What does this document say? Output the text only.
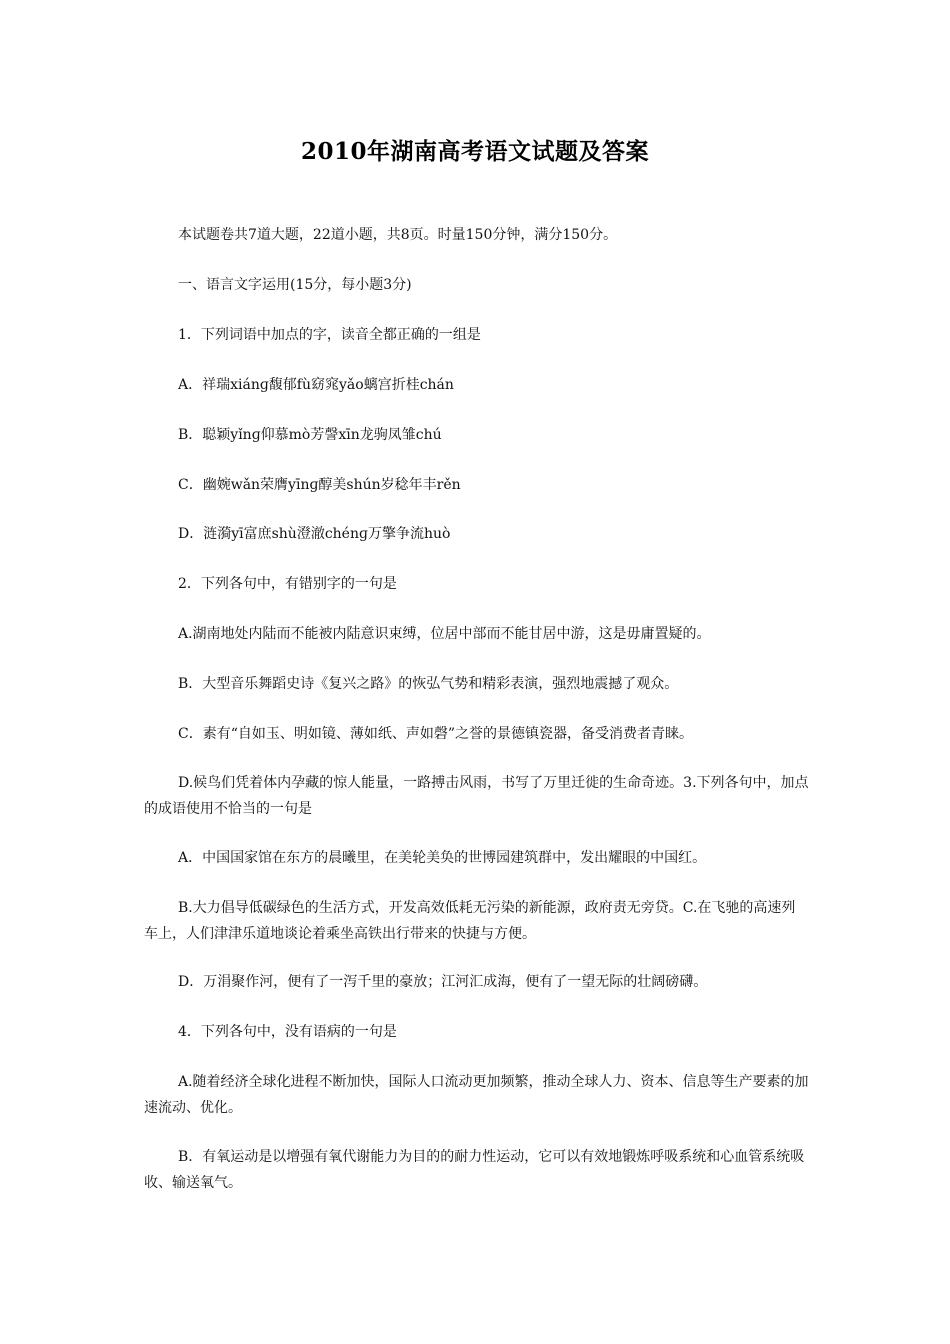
2010年湖南高考语文试题及答案
本试题卷共7道大题，22道小题，共8页。时量150分钟，满分150分。
一、语言文字运用(15分，每小题3分)
1．下列词语中加点的字，读音全都正确的一组是
A．祥瑞xiánɡ馥郁fù窈窕yǎo螭宫折桂chán
B．聪颖yǐnɡ仰慕mò芳謦xīn龙驹凤雏chú
C．幽婉wǎn荣膺yīnɡ醇美shún岁稔年丰rěn
D．涟漪yī富庶shù澄澈chénɡ万擎争流huò
2．下列各句中，有错别字的一句是
A.湖南地处内陆而不能被内陆意识束缚，位居中部而不能甘居中游，这是毋庸置疑的。
B．大型音乐舞蹈史诗《复兴之路》的恢弘气势和精彩表演，强烈地震撼了观众。
C．素有“自如玉、明如镜、薄如纸、声如磬”之誉的景德镇瓷器，备受消费者青睐。
D.候鸟们凭着体内孕藏的惊人能量，一路搏击风雨，书写了万里迁徙的生命奇迹。3.下列各句中，加点的成语使用不恰当的一句是
A．中国国家馆在东方的晨曦里，在美轮美奂的世博园建筑群中，发出耀眼的中国红。
B.大力倡导低碳绿色的生活方式，开发高效低耗无污染的新能源，政府责无旁贷。C.在飞驰的高速列车上，人们津津乐道地谈论着乘坐高铁出行带来的快捷与方便。
D．万涓聚作河，便有了一泻千里的豪放；江河汇成海，便有了一望无际的壮阔磅礴。
4．下列各句中，没有语病的一句是
A.随着经济全球化进程不断加快，国际人口流动更加频繁，推动全球人力、资本、信息等生产要素的加速流动、优化。
B．有氧运动是以增强有氧代谢能力为目的的耐力性运动，它可以有效地锻炼呼吸系统和心血管系统吸收、输送氧气。
